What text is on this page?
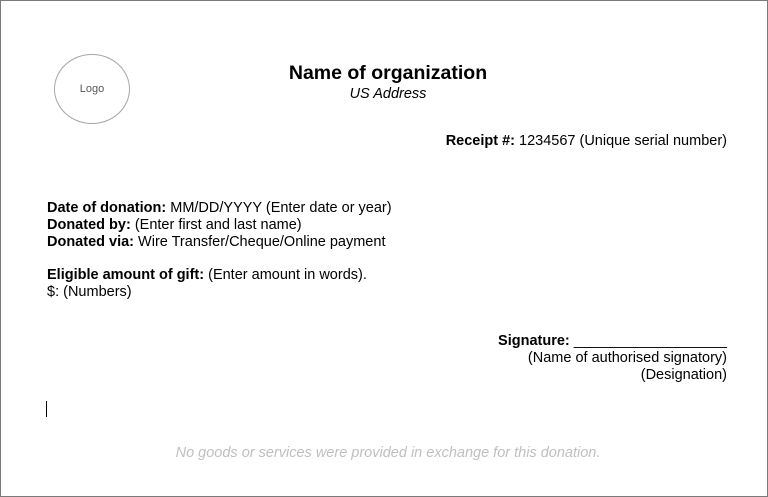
Logo
Name of organization
US Address
Receipt #: 1234567 (Unique serial number)
Date of donation: MM/DD/YYYY (Enter date or year)
Donated by: (Enter first and last name)
Donated via: Wire Transfer/Cheque/Online payment
Eligible amount of gift: (Enter amount in words).
$: (Numbers)
Signature: ___________________
(Name of authorised signatory)
(Designation)
No goods or services were provided in exchange for this donation.
